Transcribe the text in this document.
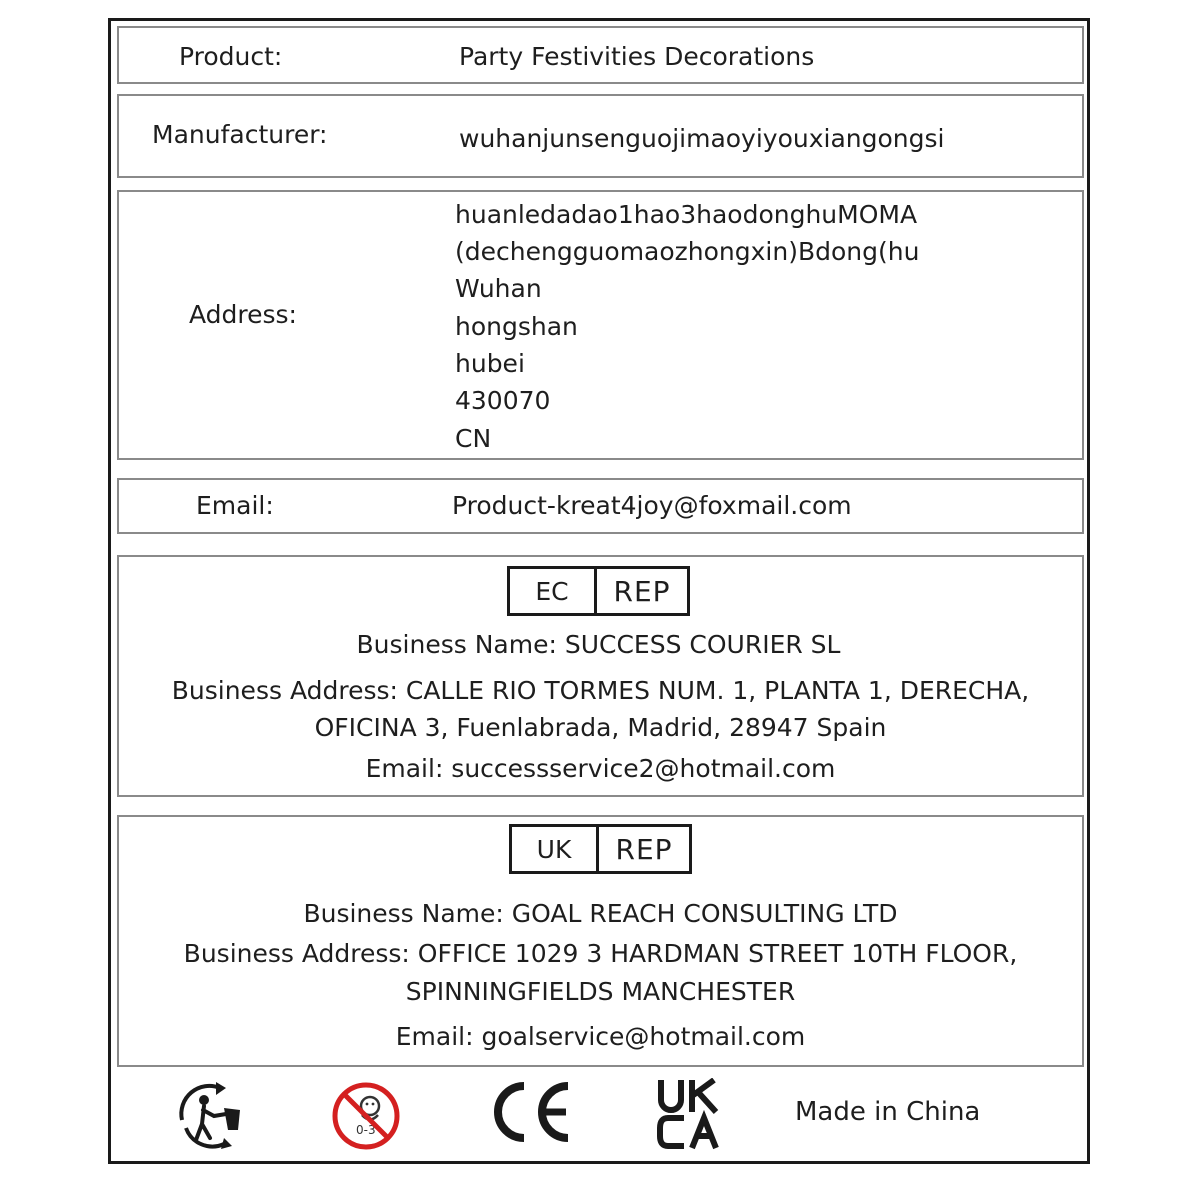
Product:	Party Festivities Decorations
Manufacturer:	wuhanjunsenguojimaoyiyouxiangongsi
Address:
huanledadao1hao3haodonghuMOMA
(dechengguomaozhongxin)Bdong(hu
Wuhan
hongshan
hubei
430070
CN
Email:	Product-kreat4joy@foxmail.com
EC	REP
Business Name: SUCCESS COURIER SL
Business Address: CALLE RIO TORMES NUM. 1, PLANTA 1, DERECHA,
OFICINA 3, Fuenlabrada, Madrid, 28947 Spain
Email: successservice2@hotmail.com
UK	REP
Business Name: GOAL REACH CONSULTING LTD
Business Address: OFFICE 1029 3 HARDMAN STREET 10TH FLOOR,
SPINNINGFIELDS MANCHESTER
Email: goalservice@hotmail.com
0-3
Made in China
